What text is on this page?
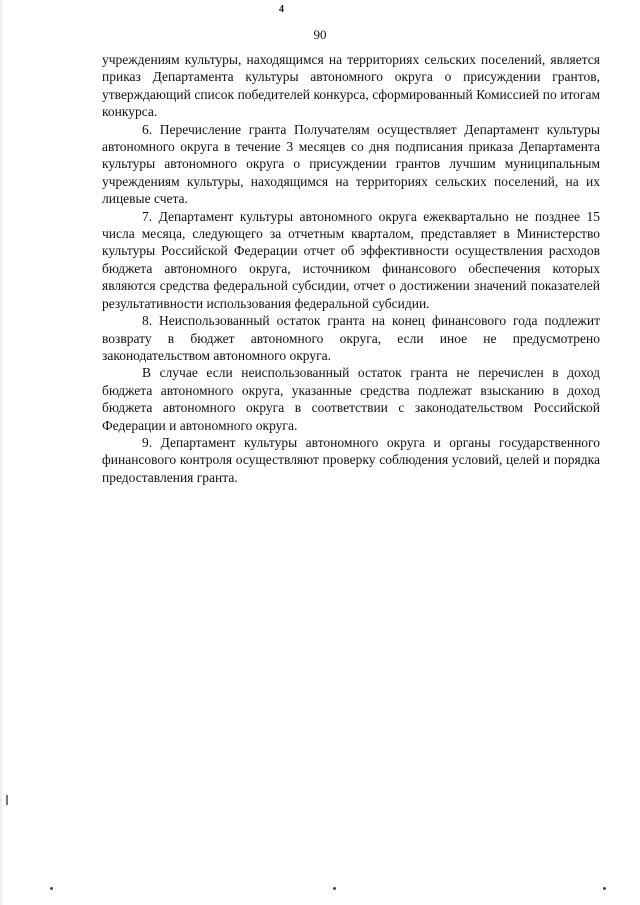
4
90

учреждениям культуры, находящимся на территориях сельских поселений, является приказ Департамента культуры автономного округа о присуждении грантов, утверждающий список победителей конкурса, сформированный Комиссией по итогам конкурса.

6. Перечисление гранта Получателям осуществляет Департамент культуры автономного округа в течение 3 месяцев со дня подписания приказа Департамента культуры автономного округа о присуждении грантов лучшим муниципальным учреждениям культуры, находящимся на территориях сельских поселений, на их лицевые счета.

7. Департамент культуры автономного округа ежеквартально не позднее 15 числа месяца, следующего за отчетным кварталом, представляет в Министерство культуры Российской Федерации отчет об эффективности осуществления расходов бюджета автономного округа, источником финансового обеспечения которых являются средства федеральной субсидии, отчет о достижении значений показателей результативности использования федеральной субсидии.

8. Неиспользованный остаток гранта на конец финансового года подлежит возврату в бюджет автономного округа, если иное не предусмотрено законодательством автономного округа.

В случае если неиспользованный остаток гранта не перечислен в доход бюджета автономного округа, указанные средства подлежат взысканию в доход бюджета автономного округа в соответствии с законодательством Российской Федерации и автономного округа.

9. Департамент культуры автономного округа и органы государственного финансового контроля осуществляют проверку соблюдения условий, целей и порядка предоставления гранта.
